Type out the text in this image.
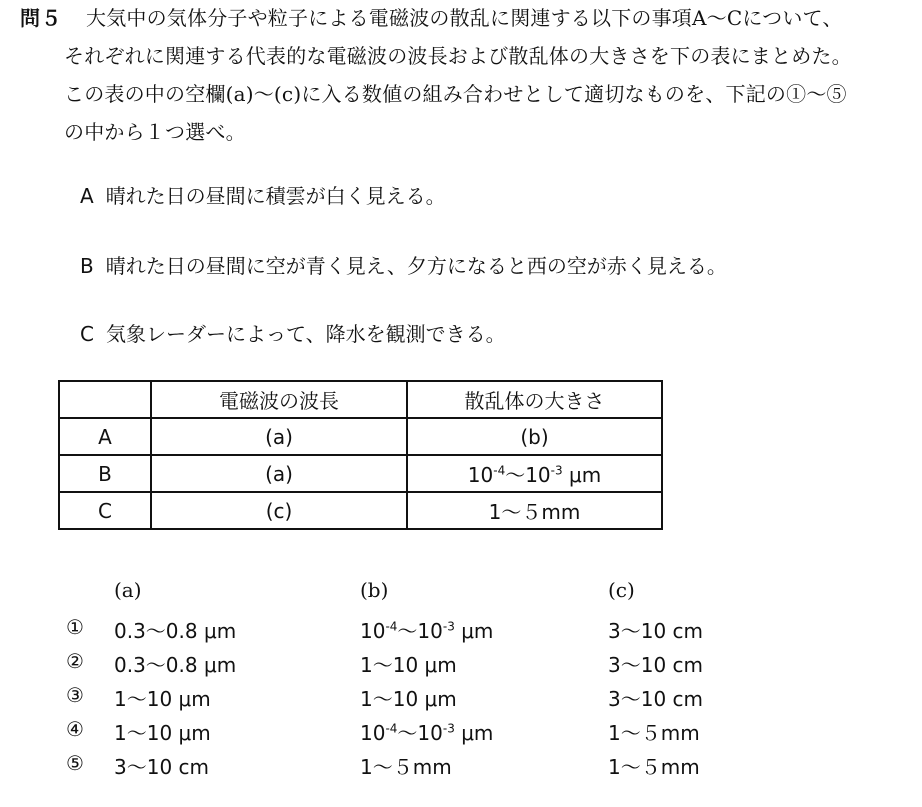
問５ 大気中の気体分子や粒子による電磁波の散乱に関連する以下の事項A〜Cについて、
それぞれに関連する代表的な電磁波の波長および散乱体の大きさを下の表にまとめた。
この表の中の空欄(a)〜(c)に入る数値の組み合わせとして適切なものを、下記の①〜⑤
の中から１つ選べ。
A 晴れた日の昼間に積雲が白く見える。
B 晴れた日の昼間に空が青く見え、夕方になると西の空が赤く見える。
C 気象レーダーによって、降水を観測できる。
	電磁波の波長	散乱体の大きさ
A	(a)	(b)
B	(a)	$10^{-4}$〜$10^{-3}$ μm
C	(c)	1〜５mm
(a)	(b)	(c)
① 0.3〜0.8 μm	$10^{-4}$〜$10^{-3}$ μm	3〜10 cm
② 0.3〜0.8 μm	1〜10 μm	3〜10 cm
③ 1〜10 μm	1〜10 μm	3〜10 cm
④ 1〜10 μm	$10^{-4}$〜$10^{-3}$ μm	1〜５mm
⑤ 3〜10 cm	1〜５mm	1〜５mm
